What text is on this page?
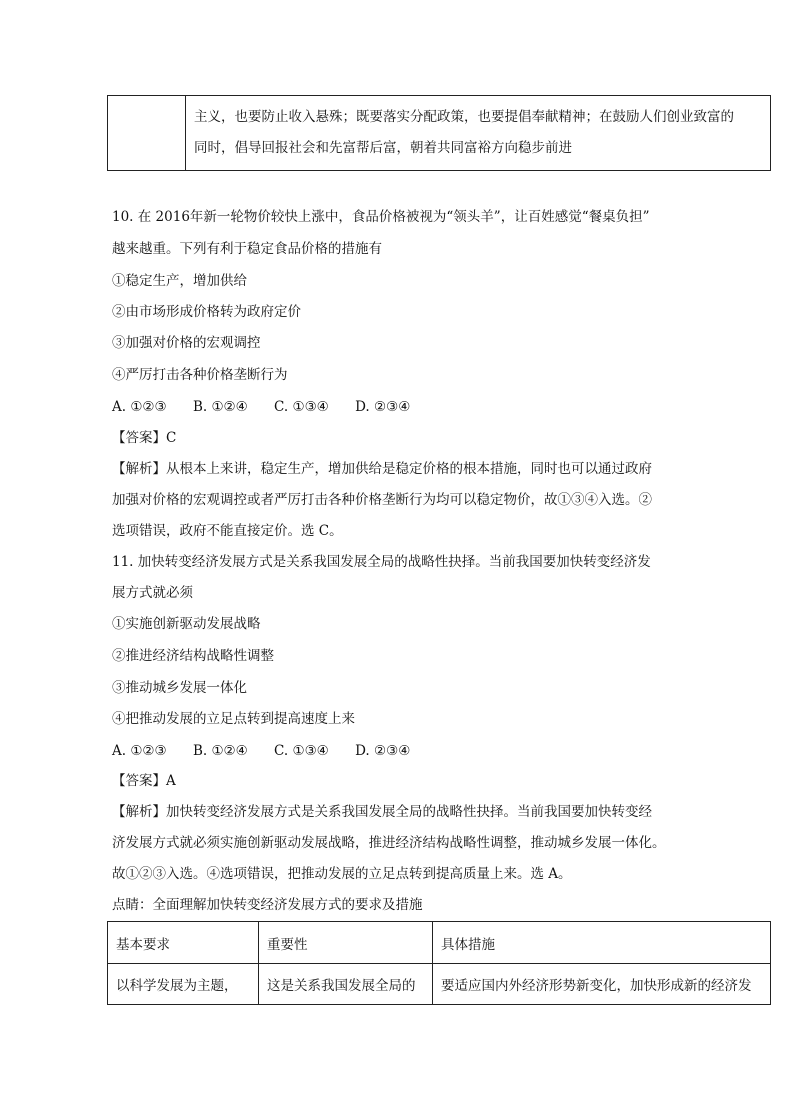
主义，也要防止收入悬殊；既要落实分配政策，也要提倡奉献精神；在鼓励人们创业致富的
同时，倡导回报社会和先富帮后富，朝着共同富裕方向稳步前进
10. 在 2016年新一轮物价较快上涨中，食品价格被视为“领头羊”，让百姓感觉“餐桌负担”
越来越重。下列有利于稳定食品价格的措施有
①稳定生产，增加供给
②由市场形成价格转为政府定价
③加强对价格的宏观调控
④严厉打击各种价格垄断行为
A. ①②③ B. ①②④ C. ①③④ D. ②③④
【答案】C
【解析】从根本上来讲，稳定生产，增加供给是稳定价格的根本措施，同时也可以通过政府
加强对价格的宏观调控或者严厉打击各种价格垄断行为均可以稳定物价，故①③④入选。②
选项错误，政府不能直接定价。选 C。
11. 加快转变经济发展方式是关系我国发展全局的战略性抉择。当前我国要加快转变经济发
展方式就必须
①实施创新驱动发展战略
②推进经济结构战略性调整
③推动城乡发展一体化
④把推动发展的立足点转到提高速度上来
A. ①②③ B. ①②④ C. ①③④ D. ②③④
【答案】A
【解析】加快转变经济发展方式是关系我国发展全局的战略性抉择。当前我国要加快转变经
济发展方式就必须实施创新驱动发展战略，推进经济结构战略性调整，推动城乡发展一体化。
故①②③入选。④选项错误，把推动发展的立足点转到提高质量上来。选 A。
点睛：全面理解加快转变经济发展方式的要求及措施
基本要求	重要性	具体措施
以科学发展为主题，	这是关系我国发展全局的	要适应国内外经济形势新变化，加快形成新的经济发
